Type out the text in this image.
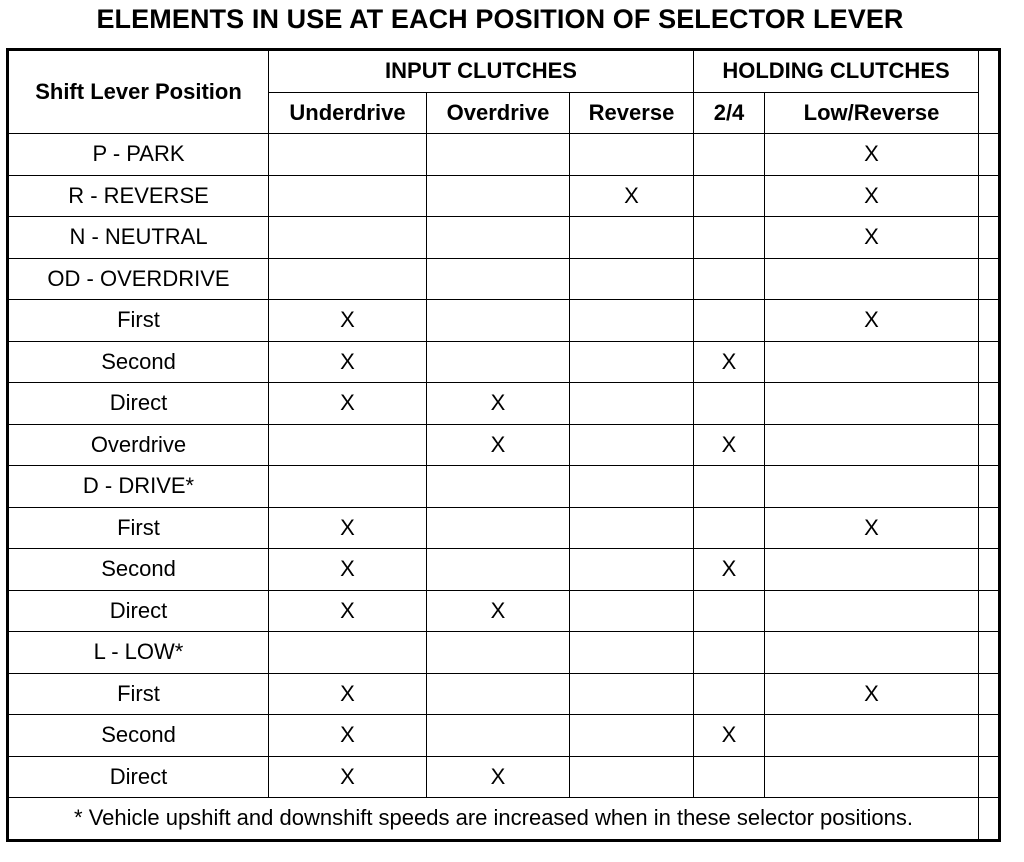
ELEMENTS IN USE AT EACH POSITION OF SELECTOR LEVER
Shift Lever Position	INPUT CLUTCHES			HOLDING CLUTCHES		
	Underdrive	Overdrive	Reverse	2/4	Low/Reverse	
P - PARK					X	
R - REVERSE			X		X	
N - NEUTRAL					X	
OD - OVERDRIVE						
First	X				X	
Second	X			X		
Direct	X	X				
Overdrive		X		X		
D - DRIVE*						
First	X				X	
Second	X			X		
Direct	X	X				
L - LOW*						
First	X				X	
Second	X			X		
Direct	X	X				
* Vehicle upshift and downshift speeds are increased when in these selector positions.						
